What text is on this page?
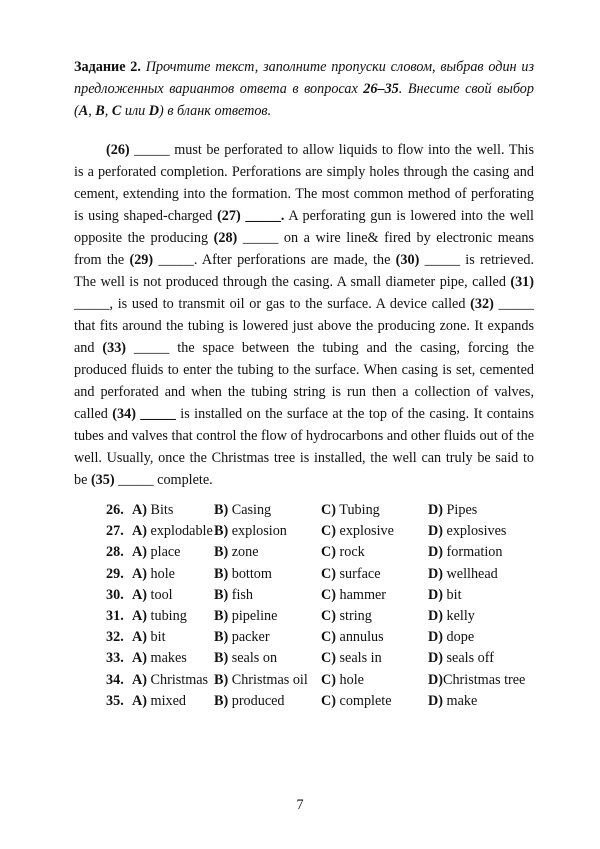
Задание 2. Прочтите текст, заполните пропуски словом, выбрав один из предложенных вариантов ответа в вопросах 26–35. Внесите свой выбор (A, B, C или D) в бланк ответов.

(26) _____ must be perforated to allow liquids to flow into the well. This is a perforated completion. Perforations are simply holes through the casing and cement, extending into the formation. The most common method of perforating is using shaped-charged (27) _____. A perforating gun is lowered into the well opposite the producing (28) _____ on a wire line& fired by electronic means from the (29) _____. After perforations are made, the (30) _____ is retrieved. The well is not produced through the casing. A small diameter pipe, called (31) _____, is used to transmit oil or gas to the surface. A device called (32) _____ that fits around the tubing is lowered just above the producing zone. It expands and (33) _____ the space between the tubing and the casing, forcing the produced fluids to enter the tubing to the surface. When casing is set, cemented and perforated and when the tubing string is run then a collection of valves, called (34) _____ is installed on the surface at the top of the casing. It contains tubes and valves that control the flow of hydrocarbons and other fluids out of the well. Usually, once the Christmas tree is installed, the well can truly be said to be (35) _____ complete.

26. A) Bits	B) Casing	C) Tubing	D) Pipes
27. A) explodable B) explosion C) explosive D) explosives
28. A) place B) zone	C) rock	D) formation
29. A) hole	B) bottom	C) surface	D) wellhead
30. A) tool	B) fish	C) hammer	D) bit
31. A) tubing B) pipeline	C) string	D) kelly
32. A) bit	B) packer	C) annulus	D) dope
33. A) makes B) seals on	C) seals in	D) seals off
34. A) Christmas B) Christmas oil C) hole	D)Christmas tree
35. A) mixed B) produced	C) complete	D) make
7
